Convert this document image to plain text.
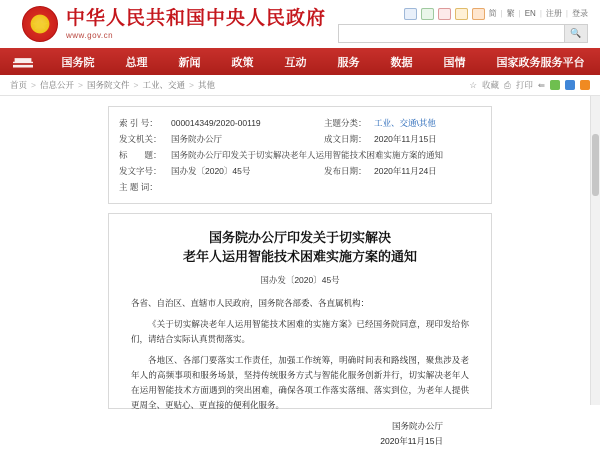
中华人民共和国中央人民政府
www.gov.cn
简 | 繁 | EN | 注册 | 登录
🔍
国务院	总理	新闻	政策	互动	服务	数据	国情	国家政务服务平台
首页 > 信息公开 > 国务院文件 > 工业、交通 > 其他	☆ 收藏 ⎙ 打印 ⇚
索 引 号：	000014349/2020-00119	主题分类：	工业、交通\其他
发文机关：	国务院办公厅	成文日期：	2020年11月15日
标　　题：	国务院办公厅印发关于切实解决老年人运用智能技术困难实施方案的通知		
发文字号：	国办发〔2020〕45号	发布日期：	2020年11月24日
主 题 词：			
国务院办公厅印发关于切实解决
老年人运用智能技术困难实施方案的通知
国办发〔2020〕45号

各省、自治区、直辖市人民政府，国务院各部委、各直属机构：

《关于切实解决老年人运用智能技术困难的实施方案》已经国务院同意，现印发给你们，请结合实际认真贯彻落实。

各地区、各部门要落实工作责任，加强工作统筹，明确时间表和路线图，聚焦涉及老年人的高频事项和服务场景，坚持传统服务方式与智能化服务创新并行，切实解决老年人在运用智能技术方面遇到的突出困难，确保各项工作落实落细、落实到位，为老年人提供更周全、更贴心、更直接的便利化服务。

国务院办公厅
2020年11月15日
